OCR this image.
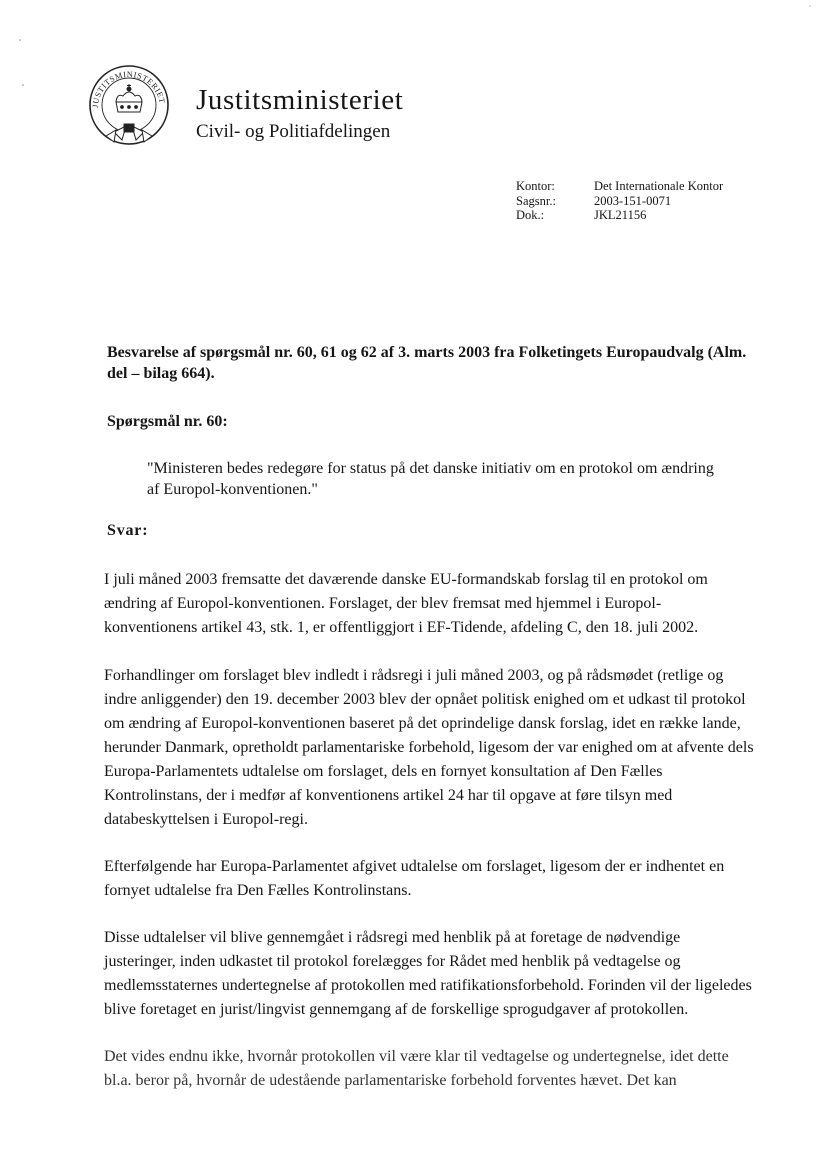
JUSTITSMINISTERIET Justitsministeriet
Civil- og Politiafdelingen
Kontor:	Det Internationale Kontor
Sagsnr.:	2003-151-0071
Dok.:	JKL21156
Besvarelse af spørgsmål nr. 60, 61 og 62 af 3. marts 2003 fra Folketingets Europaudvalg (Alm. del – bilag 664).
Spørgsmål nr. 60:
"Ministeren bedes redegøre for status på det danske initiativ om en protokol om ændring af Europol-konventionen."
Svar:
I juli måned 2003 fremsatte det daværende danske EU-formandskab forslag til en protokol om ændring af Europol-konventionen. Forslaget, der blev fremsat med hjemmel i Europol-konventionens artikel 43, stk. 1, er offentliggjort i EF-Tidende, afdeling C, den 18. juli 2002.
Forhandlinger om forslaget blev indledt i rådsregi i juli måned 2003, og på rådsmødet (retlige og indre anliggender) den 19. december 2003 blev der opnået politisk enighed om et udkast til protokol om ændring af Europol-konventionen baseret på det oprindelige dansk forslag, idet en række lande, herunder Danmark, opretholdt parlamentariske forbehold, ligesom der var enighed om at afvente dels Europa-Parlamentets udtalelse om forslaget, dels en fornyet konsultation af Den Fælles Kontrolinstans, der i medfør af konventionens artikel 24 har til opgave at føre tilsyn med databeskyttelsen i Europol-regi.
Efterfølgende har Europa-Parlamentet afgivet udtalelse om forslaget, ligesom der er indhentet en fornyet udtalelse fra Den Fælles Kontrolinstans.
Disse udtalelser vil blive gennemgået i rådsregi med henblik på at foretage de nødvendige justeringer, inden udkastet til protokol forelægges for Rådet med henblik på vedtagelse og medlemsstaternes undertegnelse af protokollen med ratifikationsforbehold. Forinden vil der ligeledes blive foretaget en jurist/lingvist gennemgang af de forskellige sprogudgaver af protokollen.
Det vides endnu ikke, hvornår protokollen vil være klar til vedtagelse og undertegnelse, idet dette bl.a. beror på, hvornår de udestående parlamentariske forbehold forventes hævet. Det kan
